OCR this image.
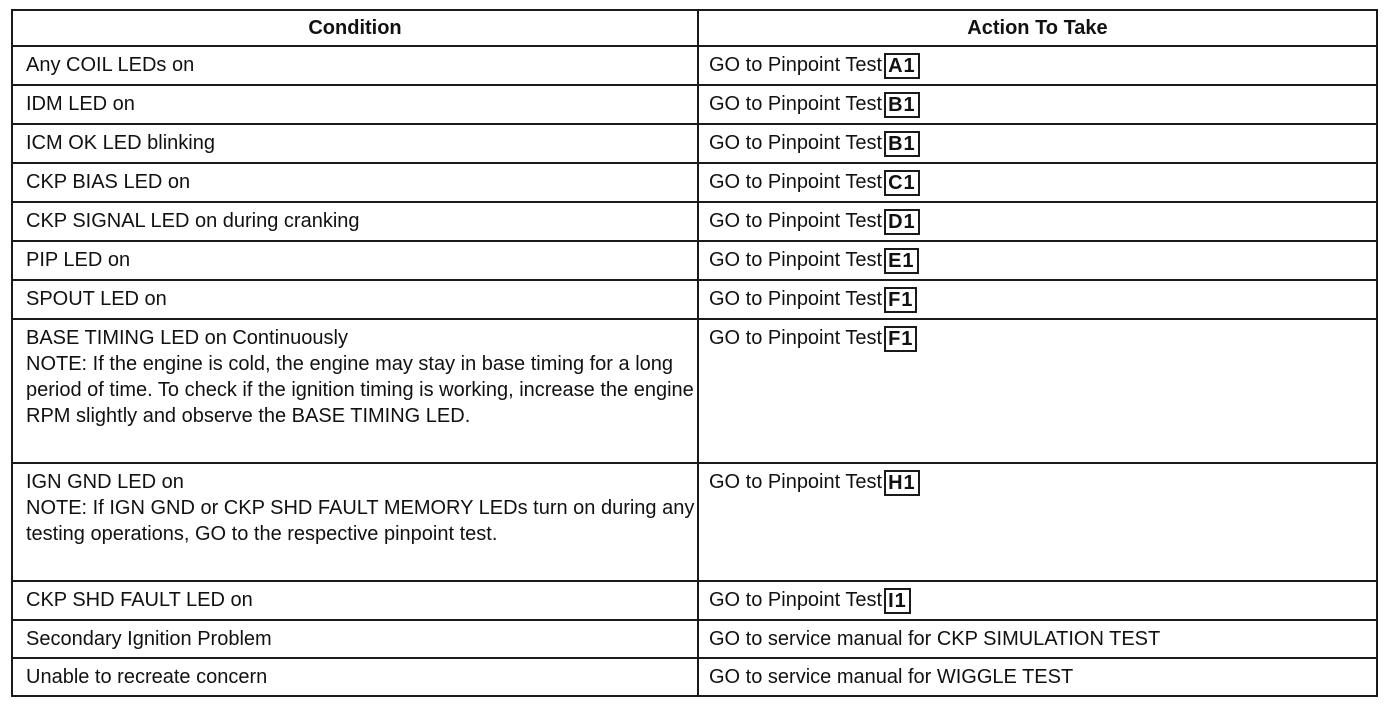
Condition	Action To Take
Any COIL LEDs on	GO to Pinpoint Test A1
IDM LED on	GO to Pinpoint Test B1
ICM OK LED blinking	GO to Pinpoint Test B1
CKP BIAS LED on	GO to Pinpoint Test C1
CKP SIGNAL LED on during cranking	GO to Pinpoint Test D1
PIP LED on	GO to Pinpoint Test E1
SPOUT LED on	GO to Pinpoint Test F1

BASE TIMING LED on Continuously
NOTE: If the engine is cold, the engine may stay in base timing for a long period of time. To check if the ignition timing is working, increase the engine RPM slightly and observe the BASE TIMING LED.	GO to Pinpoint Test F1

IGN GND LED on
NOTE: If IGN GND or CKP SHD FAULT MEMORY LEDs turn on during any testing operations, GO to the respective pinpoint test.	GO to Pinpoint Test H1
CKP SHD FAULT LED on	GO to Pinpoint Test I1
Secondary Ignition Problem	GO to service manual for CKP SIMULATION TEST
Unable to recreate concern	GO to service manual for WIGGLE TEST
